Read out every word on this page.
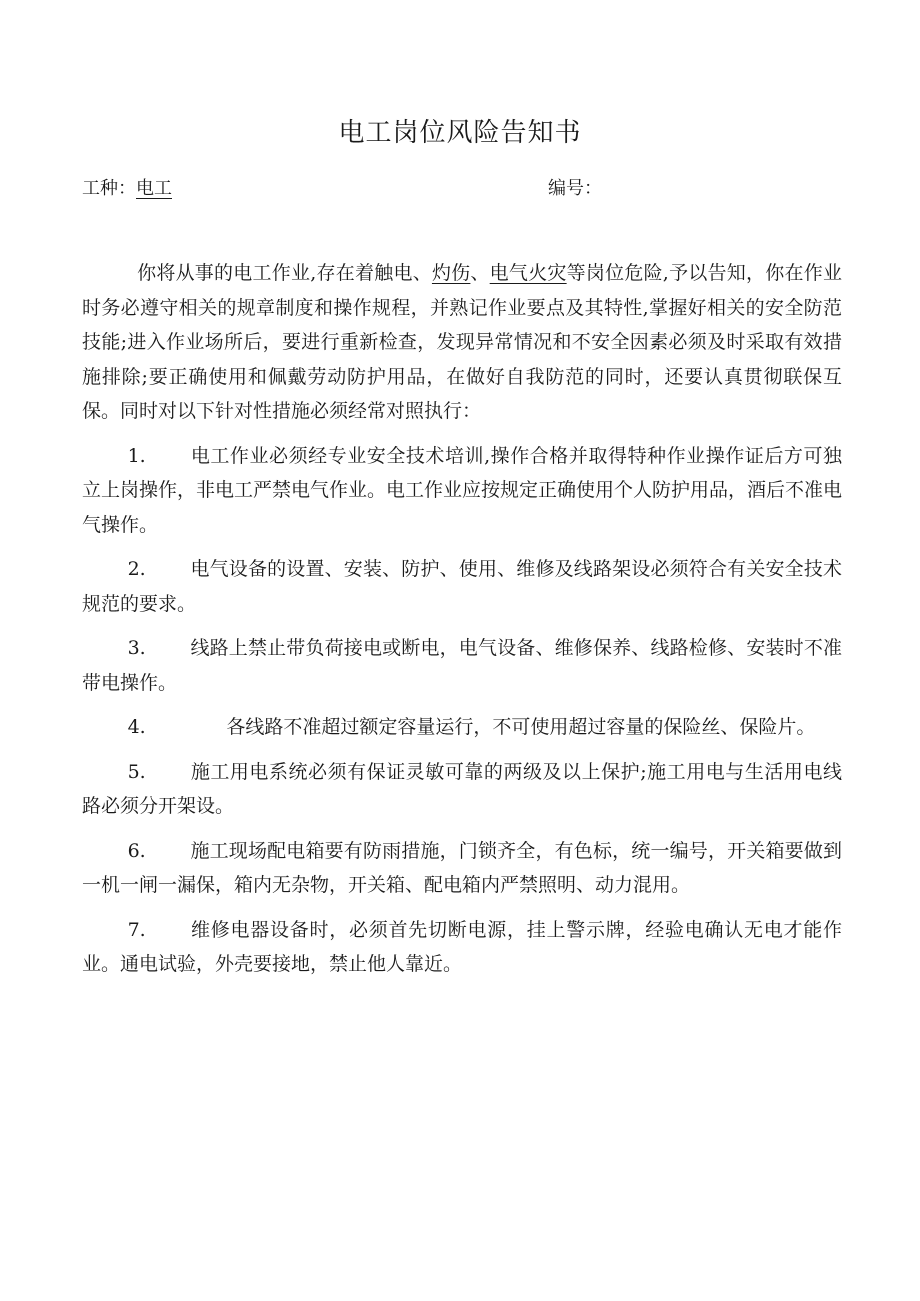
电工岗位风险告知书
工种：电工	编号：

你将从事的电工作业,存在着触电、灼伤、电气火灾等岗位危险,予以告知，你在作业时务必遵守相关的规章制度和操作规程，并熟记作业要点及其特性,掌握好相关的安全防范技能;进入作业场所后，要进行重新检查，发现异常情况和不安全因素必须及时采取有效措施排除;要正确使用和佩戴劳动防护用品，在做好自我防范的同时，还要认真贯彻联保互保。同时对以下针对性措施必须经常对照执行：

1. 电工作业必须经专业安全技术培训,操作合格并取得特种作业操作证后方可独立上岗操作，非电工严禁电气作业。电工作业应按规定正确使用个人防护用品，酒后不准电气操作。
2. 电气设备的设置、安装、防护、使用、维修及线路架设必须符合有关安全技术规范的要求。
3. 线路上禁止带负荷接电或断电，电气设备、维修保养、线路检修、安装时不准带电操作。
4.	各线路不准超过额定容量运行，不可使用超过容量的保险丝、保险片。
5. 施工用电系统必须有保证灵敏可靠的两级及以上保护;施工用电与生活用电线路必须分开架设。
6. 施工现场配电箱要有防雨措施，门锁齐全，有色标，统一编号，开关箱要做到一机一闸一漏保，箱内无杂物，开关箱、配电箱内严禁照明、动力混用。
7. 维修电器设备时，必须首先切断电源，挂上警示牌，经验电确认无电才能作业。通电试验，外壳要接地，禁止他人靠近。
